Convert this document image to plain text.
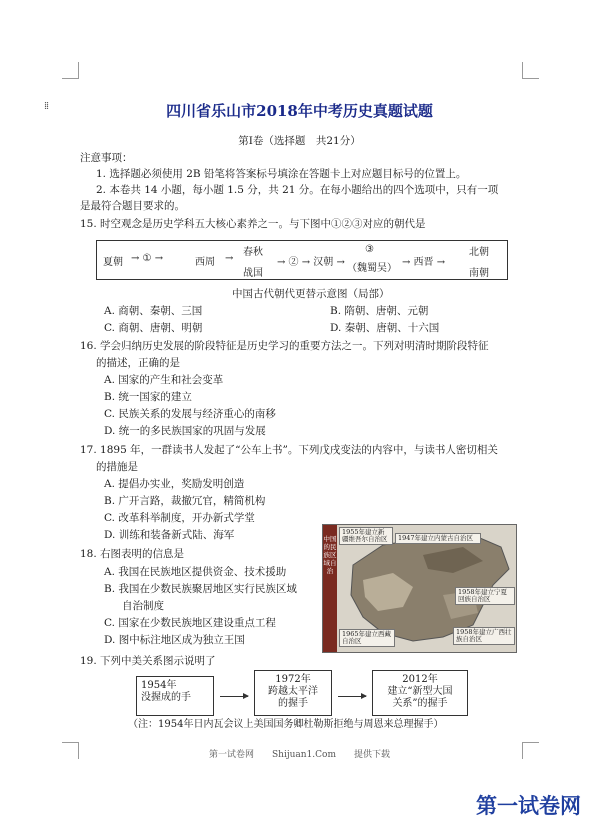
⁞⁞	四川省乐山市2018年中考历史真题试题
第Ⅰ卷（选择题　共21分）
注意事项：
1. 选择题必须使用 2B 铅笔将答案标号填涂在答题卡上对应题目标号的位置上。
2. 本卷共 14 小题，每小题 1.5 分，共 21 分。在每小题给出的四个选项中，只有一项
是最符合题目要求的。
15. 时空观念是历史学科五大核心素养之一。与下图中①②③对应的朝代是
夏朝 → ① →	西周 →
春秋
战国
→ ② → 汉朝 →
③
（魏蜀吴）
→ 西晋 →
北朝
南朝
中国古代朝代更替示意图（局部）
A. 商朝、秦朝、三国	B. 隋朝、唐朝、元朝
C. 商朝、唐朝、明朝	D. 秦朝、唐朝、十六国
16. 学会归纳历史发展的阶段特征是历史学习的重要方法之一。下列对明清时期阶段特征
的描述，正确的是
A. 国家的产生和社会变革
B. 统一国家的建立
C. 民族关系的发展与经济重心的南移
D. 统一的多民族国家的巩固与发展
17. 1895 年，一群读书人发起了“公车上书”。下列戊戌变法的内容中，与读书人密切相关
的措施是
A. 提倡办实业，奖励发明创造
B. 广开言路，裁撤冗官，精简机构
C. 改革科举制度，开办新式学堂
D. 训练和装备新式陆、海军
18. 右图表明的信息是
A. 我国在民族地区提供资金、技术援助
B. 我国在少数民族聚居地区实行民族区域
自治制度
C. 国家在少数民族地区建设重点工程
D. 图中标注地区成为独立王国
中国的民族区域自治
1955年建立新疆维吾尔自治区	1947年建立内蒙古自治区
1958年建立宁夏回族自治区
1965年建立西藏自治区
1958年建立广西壮族自治区
19. 下列中美关系图示说明了
1954年
没握成的手
1972年
跨越太平洋
的握手
2012年
建立“新型大国
关系”的握手
（注：1954年日内瓦会议上美国国务卿杜勒斯拒绝与周恩来总理握手）
第一试卷网　　Shijuan1.Com　　提供下载
第一试卷网
